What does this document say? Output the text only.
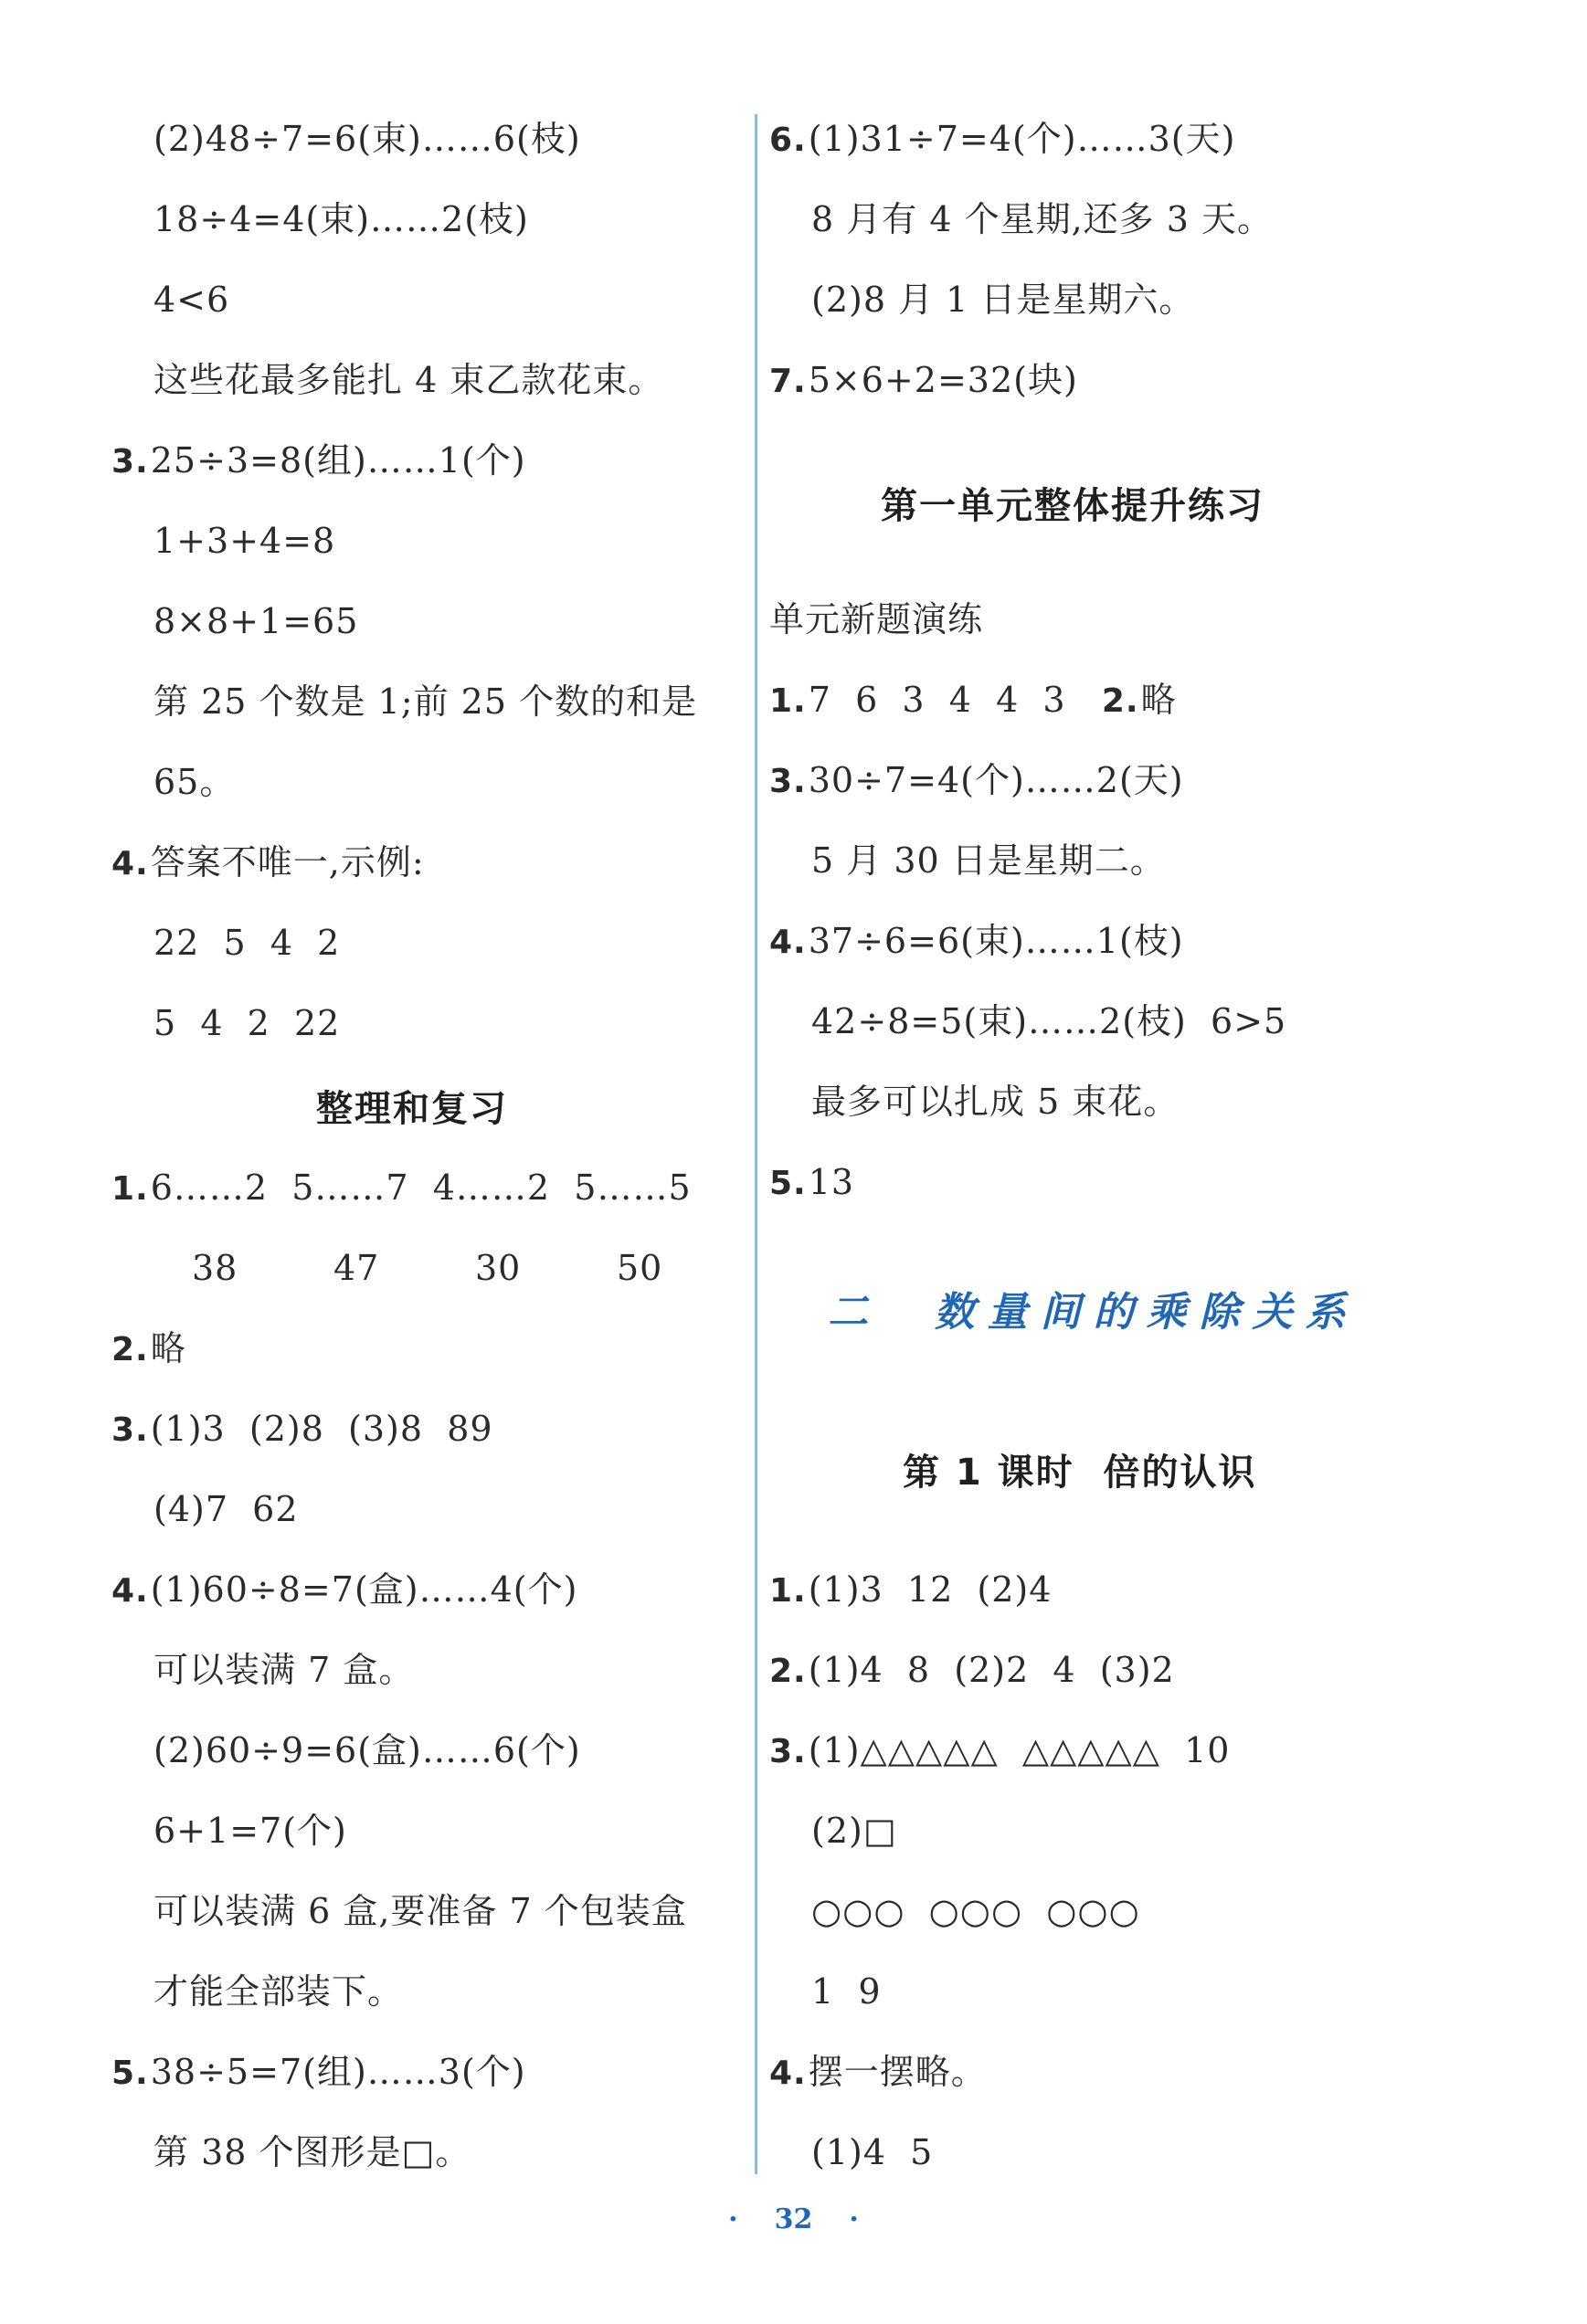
(2)48÷7=6(束)……6(枝)
18÷4=4(束)……2(枝)
4<6
这些花最多能扎 4 束乙款花束。
3.25÷3=8(组)……1(个)
1+3+4=8
8×8+1=65
第 25 个数是 1;前 25 个数的和是
65。
4.答案不唯一,示例:
22  5  4  2
5  4  2  22
整理和复习
1.6……2  5……7  4……2  5……5
38        47        30        50
2.略
3.(1)3  (2)8  (3)8  89
(4)7  62
4.(1)60÷8=7(盒)……4(个)
可以装满 7 盒。
(2)60÷9=6(盒)……6(个)
6+1=7(个)
可以装满 6 盒,要准备 7 个包装盒
才能全部装下。
5.38÷5=7(组)……3(个)
第 38 个图形是□。
6.(1)31÷7=4(个)……3(天)
8 月有 4 个星期,还多 3 天。
(2)8 月 1 日是星期六。
7.5×6+2=32(块)
第一单元整体提升练习
单元新题演练
1.7  6  3  4  4  3 2.略
3.30÷7=4(个)……2(天)
5 月 30 日是星期二。
4.37÷6=6(束)……1(枝)
42÷8=5(束)……2(枝)  6>5
最多可以扎成 5 束花。
5.13
二  数量间的乘除关系
第 1 课时  倍的认识
1.(1)3  12  (2)4
2.(1)4  8  (2)2  4  (3)2
3.(1)△△△△△  △△△△△  10
(2)□
○○○  ○○○  ○○○
1  9
4.摆一摆略。
(1)4  5
· 32 ·
